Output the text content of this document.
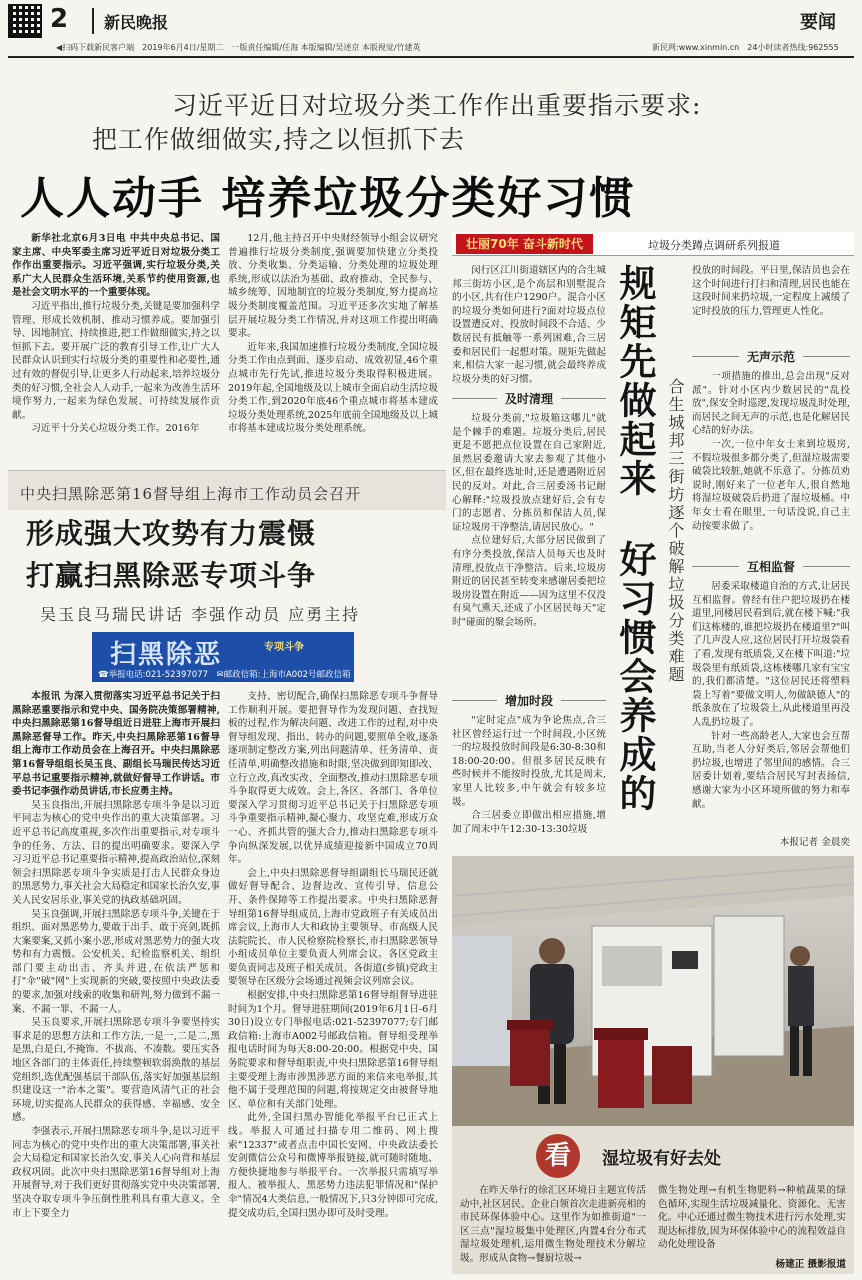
2 新民晚报	要闻
◀扫码下载新民客户端　2019年6月4日/星期二　一版责任编辑/任海 本版编辑/吴述京 本版视觉/竹建英	新民网:www.xinmin.cn　24小时读者热线:962555
习近平近日对垃圾分类工作作出重要指示要求:
把工作做细做实,持之以恒抓下去
人人动手 培养垃圾分类好习惯

新华社北京6月3日电 中共中央总书记、国家主席、中央军委主席习近平近日对垃圾分类工作作出重要指示。习近平强调,实行垃圾分类,关系广大人民群众生活环境,关系节约使用资源,也是社会文明水平的一个重要体现。

习近平指出,推行垃圾分类,关键是要加强科学管理、形成长效机制、推动习惯养成。要加强引导、因地制宜、持续推进,把工作做细做实,持之以恒抓下去。要开展广泛的教育引导工作,让广大人民群众认识到实行垃圾分类的重要性和必要性,通过有效的督促引导,让更多人行动起来,培养垃圾分类的好习惯,全社会人人动手,一起来为改善生活环境作努力,一起来为绿色发展、可持续发展作贡献。

习近平十分关心垃圾分类工作。2016年

12月,他主持召开中央财经领导小组会议研究普遍推行垃圾分类制度,强调要加快建立分类投放、分类收集、分类运输、分类处理的垃圾处理系统,形成以法治为基础、政府推动、全民参与、城乡统筹、因地制宜的垃圾分类制度,努力提高垃圾分类制度覆盖范围。习近平还多次实地了解基层开展垃圾分类工作情况,并对这项工作提出明确要求。

近年来,我国加速推行垃圾分类制度,全国垃圾分类工作由点到面、逐步启动、成效初显,46个重点城市先行先试,推进垃圾分类取得积极进展。2019年起,全国地级及以上城市全面启动生活垃圾分类工作,到2020年底46个重点城市将基本建成垃圾分类处理系统,2025年底前全国地级及以上城市将基本建成垃圾分类处理系统。

中央扫黑除恶第16督导组上海市工作动员会召开
形成强大攻势有力震慑
打赢扫黑除恶专项斗争
吴玉良马瑞民讲话 李强作动员 应勇主持
扫黑除恶	专项斗争
☎举报电话:021-52397077　✉邮政信箱:上海市A002号邮政信箱

本报讯 为深入贯彻落实习近平总书记关于扫黑除恶重要指示和党中央、国务院决策部署精神,中央扫黑除恶第16督导组近日进驻上海市开展扫黑除恶督导工作。昨天,中央扫黑除恶第16督导组上海市工作动员会在上海召开。中央扫黑除恶第16督导组组长吴玉良、副组长马瑞民传达习近平总书记重要指示精神,就做好督导工作讲话。市委书记李强作动员讲话,市长应勇主持。

吴玉良指出,开展扫黑除恶专项斗争是以习近平同志为核心的党中央作出的重大决策部署。习近平总书记高度重视,多次作出重要指示,对专项斗争的任务、方法、目的提出明确要求。要深入学习习近平总书记重要指示精神,提高政治站位,深刻领会扫黑除恶专项斗争实质是打击人民群众身边的黑恶势力,事关社会大局稳定和国家长治久安,事关人民安居乐业,事关党的执政基础巩固。

吴玉良强调,开展扫黑除恶专项斗争,关键在于组织、面对黑恶势力,要敢于出手、敢于亮剑,既抓大案要案,又抓小案小恶,形成对黑恶势力的强大攻势和有力震慑。公安机关、纪检监察机关、组织部门要主动出击、齐头并进,在依法严惩和打"伞"破"网"上实现新的突破,要按照中央政法委的要求,加强对线索的收集和研判,努力做到不漏一案、不漏一罪、不漏一人。

吴玉良要求,开展扫黑除恶专项斗争要坚持实事求是的思想方法和工作方法,一是一,二是二,黑是黑,白是白,不掩饰、不拔高、不凑数。要压实各地区各部门的主体责任,持续整顿软弱涣散的基层党组织,选优配强基层干部队伍,落实好加强基层组织建设这一"治本之策"。要营造风清气正的社会环境,切实提高人民群众的获得感、幸福感、安全感。

李强表示,开展扫黑除恶专项斗争,是以习近平同志为核心的党中央作出的重大决策部署,事关社会大局稳定和国家长治久安,事关人心向背和基层政权巩固。此次中央扫黑除恶第16督导组对上海开展督导,对于我们更好贯彻落实党中央决策部署,坚决夺取专项斗争压倒性胜利具有重大意义。全市上下要全力

支持、密切配合,确保扫黑除恶专项斗争督导工作顺利开展。要把督导作为发现问题、查找短板的过程,作为解决问题、改进工作的过程,对中央督导组发现、指出、转办的问题,要照单全收,逐条逐项制定整改方案,列出问题清单、任务清单、责任清单,明确整改措施和时限,坚决做到即知即改、立行立改,真改实改、全面整改,推动扫黑除恶专项斗争取得更大成效。会上,各区、各部门、各单位要深入学习贯彻习近平总书记关于扫黑除恶专项斗争重要指示精神,凝心聚力、攻坚克难,形成万众一心、齐抓共管的强大合力,推动扫黑除恶专项斗争向纵深发展,以优异成绩迎接新中国成立70周年。

会上,中央扫黑除恶督导组副组长马瑞民还就做好督导配合、边督边改、宣传引导、信息公开、条件保障等工作提出要求。中央扫黑除恶督导组第16督导组成员,上海市党政班子有关成员出席会议,上海市人大和政协主要领导、市高级人民法院院长、市人民检察院检察长,市扫黑除恶领导小组成员单位主要负责人列席会议。各区党政主要负责同志及班子相关成员、各街道(乡镇)党政主要领导在区级分会场通过视频会议列席会议。

根据安排,中央扫黑除恶第16督导组督导进驻时间为1个月。督导进驻期间(2019年6月1日-6月30日)设立专门举报电话:021-52397077;专门邮政信箱:上海市A002号邮政信箱。督导组受理举报电话时间为每天8:00-20:00。根据党中央、国务院要求和督导组职责,中央扫黑除恶第16督导组主要受理上海市涉黑涉恶方面的来信来电举报,其他不属于受理范围的问题,将按规定交由被督导地区、单位和有关部门处理。

此外,全国扫黑办智能化举报平台已正式上线。举报人可通过扫描专用二维码、网上搜索"12337"或者点击中国长安网、中央政法委长安剑微信公众号和微博举报链接,就可随时随地、方便快捷地参与举报平台。一次举报只需填写举报人、被举报人、黑恶势力违法犯罪情况和"保护伞"情况4大类信息,一般情况下,只3分钟即可完成,提交成功后,全国扫黑办即可及时受理。

壮丽70年 奋斗新时代	垃圾分类蹲点调研系列报道

闵行区江川街道辖区内的合生城邦三街坊小区,是个高层和别墅混合的小区,共有住户1290户。混合小区的垃圾分类如何进行?面对垃圾点位设置遭反对、投放时间段不合适、少数居民有抵触等一系列困难,合三居委和居民们一起想对策。规矩先做起来,相信大家一起习惯,就会最终养成垃圾分类的好习惯。

及时清理

垃圾分类前,"垃圾箱这哪儿"就是个棘手的难题。垃圾分类后,居民更是不愿把点位设置在自己家附近,虽然居委邀请大家去参观了其他小区,但在最终选址时,还是遭遇附近居民的反对。对此,合三居委汤书记耐心解释:"垃圾投放点建好后,会有专门的志愿者、分拣员和保洁人员,保证垃圾房干净整洁,请居民放心。"

点位建好后,大部分居民做到了有序分类投放,保洁人员每天也及时清理,投放点干净整洁。后来,垃圾房附近的居民甚至转变来感谢居委把垃圾房设置在附近——因为这里不仅没有臭气熏天,还成了小区居民每天"定时"碰面的聚会场所。

增加时段

"定时定点"成为争论焦点,合三社区曾经运行过一个时间段,小区统一的垃圾投放时间段是6:30-8:30和18:00-20:00。但很多居民反映有些时候并不能按时投放,尤其是周末,家里人比较多,中午就会有较多垃圾。

合三居委立即做出相应措施,增加了周末中午12:30-13:30垃圾

规矩先做起来
好习惯会养成的 合生城邦三街坊逐个破解垃圾分类难题

投放的时间段。平日里,保洁员也会在这个时间进行打扫和清理,居民也能在这段时间来扔垃圾,一定程度上减缓了定时投放的压力,管理更人性化。

无声示范

一项措施的推出,总会出现"反对派"。针对小区内少数居民的"乱投放",保安全时巡逻,发现垃圾乱时处理,而居民之间无声的示范,也是化解居民心结的好办法。

一次,一位中年女士来到垃圾房,不假垃圾很多都分类了,但湿垃圾需要破袋比较脏,她就不乐意了。分拣员劝说时,刚好来了一位老年人,很自然地将湿垃圾破袋后扔进了湿垃圾桶。中年女士看在眼里,一句话没说,自己主动按要求做了。

互相监督

居委采取楼道自治的方式,让居民互相监督。曾经有住户把垃圾扔在楼道里,同楼居民看到后,就在楼下喊:"我们这栋楼的,谁把垃圾扔在楼道里?"叫了几声没人应,这位居民打开垃圾袋看了看,发现有纸质袋,又在楼下叫道:"垃圾袋里有纸质袋,这栋楼哪几家有宝宝的,我们都清楚。"这位居民还将塑料袋上写着"要做文明人,勿做缺德人"的纸条放在了垃圾袋上,从此楼道里再没人乱扔垃圾了。

针对一些高龄老人,大家也会互帮互助,当老人分好类后,邻居会帮他们扔垃圾,也增进了邻里间的感情。合三居委计划着,要结合居民写封表扬信,感谢大家为小区环境所做的努力和奉献。

本报记者 金晨奕
看	湿垃圾有好去处

在昨天举行的徐汇区环境日主题宣传活动中,社区居民、企业白领首次走进新亮相的市民环保体验中心。这里作为如推街道"一区三点"湿垃圾集中处理区,内置4台分布式湿垃圾处理机,运用微生物处理技术分解垃圾。形成从食物→餐厨垃圾→

微生物处理→有机生物肥料→种植蔬果的绿色循环,实现生活垃圾减量化、资源化、无害化。中心还通过微生物技术进行污水处理,实现达标排放,因为环保体验中心的流程效益自动化处理设备

杨建正 摄影报道
